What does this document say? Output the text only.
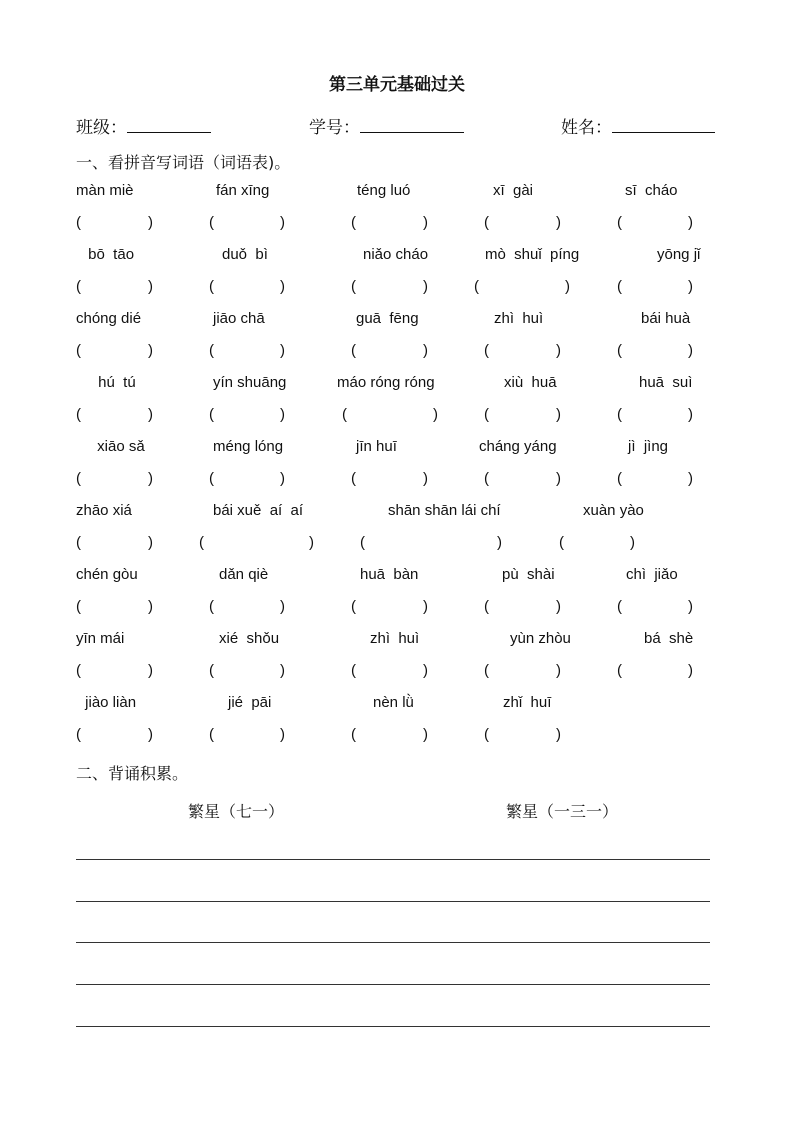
第三单元基础过关
班级：	学号：	姓名：
一、看拼音写词语（词语表)。
màn miè	fán xīng	téng luó	xī  gài	sī  cháo
(	)	(	)	(	)	(	)	(	)
bō  tāo	duǒ  bì	niǎo cháo	mò  shuǐ  píng	yōng jǐ
(	)	(	)	(	)	(	)	(	)
chóng dié	jiāo chā	guā  fēng	zhì  huì	bái huà
(	)	(	)	(	)	(	)	(	)
hú  tú	yín shuāng	máo róng róng	xiù  huā	huā  suì
(	)	(	)	(	)	(	)	(	)
xiāo sǎ	méng lóng	jīn huī	cháng yáng	jì  jìng
(	)	(	)	(	)	(	)	(	)
zhāo xiá	bái xuě  aí  aí	shān shān lái chí	xuàn yào
(	)	(	)	(	)	(	)
chén gòu	dǎn qiè	huā  bàn	pù  shài	chì  jiǎo
(	)	(	)	(	)	(	)	(	)
yīn mái	xié  shǒu	zhì  huì	yùn zhòu	bá  shè
(	)	(	)	(	)	(	)	(	)
jiào liàn	jié  pāi	nèn lǜ	zhǐ  huī
(	)	(	)	(	)	(	)
二、背诵积累。
繁星（七一）	繁星（一三一）
